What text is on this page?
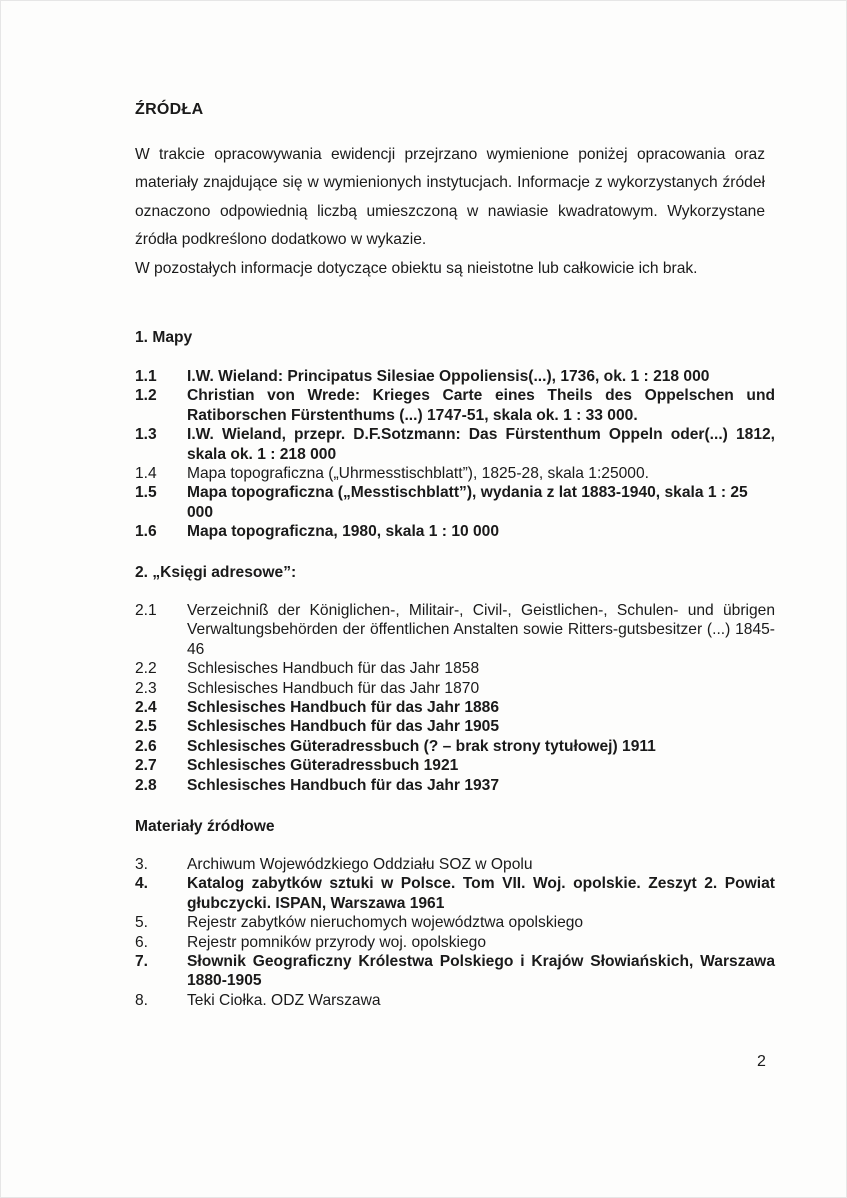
ŹRÓDŁA

W trakcie opracowywania ewidencji przejrzano wymienione poniżej opracowania oraz materiały znajdujące się w wymienionych instytucjach. Informacje z wykorzystanych źródeł oznaczono odpowiednią liczbą umieszczoną w nawiasie kwadratowym. Wykorzystane źródła podkreślono dodatkowo w wykazie.

W pozostałych informacje dotyczące obiektu są nieistotne lub całkowicie ich brak.

1. Mapy
1.1	I.W. Wieland: Principatus Silesiae Oppoliensis(...), 1736, ok. 1 : 218 000
1.2	Christian von Wrede: Krieges Carte eines Theils des Oppelschen und Ratiborschen Fürstenthums (...) 1747-51, skala ok. 1 : 33 000.
1.3	I.W. Wieland, przepr. D.F.Sotzmann: Das Fürstenthum Oppeln oder(...) 1812, skala ok. 1 : 218 000
1.4	Mapa topograficzna („Uhrmesstischblatt”), 1825-28, skala 1:25000.
1.5	Mapa topograficzna („Messtischblatt”), wydania z lat 1883-1940, skala 1 : 25 000
1.6	Mapa topograficzna, 1980, skala 1 : 10 000
2. „Księgi adresowe”:
2.1	Verzeichniß der Königlichen-, Militair-, Civil-, Geistlichen-, Schulen- und übrigen Verwaltungsbehörden der öffentlichen Anstalten sowie Ritters-gutsbesitzer (...) 1845-46
2.2	Schlesisches Handbuch für das Jahr 1858
2.3	Schlesisches Handbuch für das Jahr 1870
2.4	Schlesisches Handbuch für das Jahr 1886
2.5	Schlesisches Handbuch für das Jahr 1905
2.6	Schlesisches Güteradressbuch (? – brak strony tytułowej) 1911
2.7	Schlesisches Güteradressbuch 1921
2.8	Schlesisches Handbuch für das Jahr 1937
Materiały źródłowe
3.	Archiwum Wojewódzkiego Oddziału SOZ w Opolu
4.	Katalog zabytków sztuki w Polsce. Tom VII. Woj. opolskie. Zeszyt 2. Powiat głubczycki. ISPAN, Warszawa 1961
5.	Rejestr zabytków nieruchomych województwa opolskiego
6.	Rejestr pomników przyrody woj. opolskiego
7.	Słownik Geograficzny Królestwa Polskiego i Krajów Słowiańskich, Warszawa 1880-1905
8.	Teki Ciołka. ODZ Warszawa
2
